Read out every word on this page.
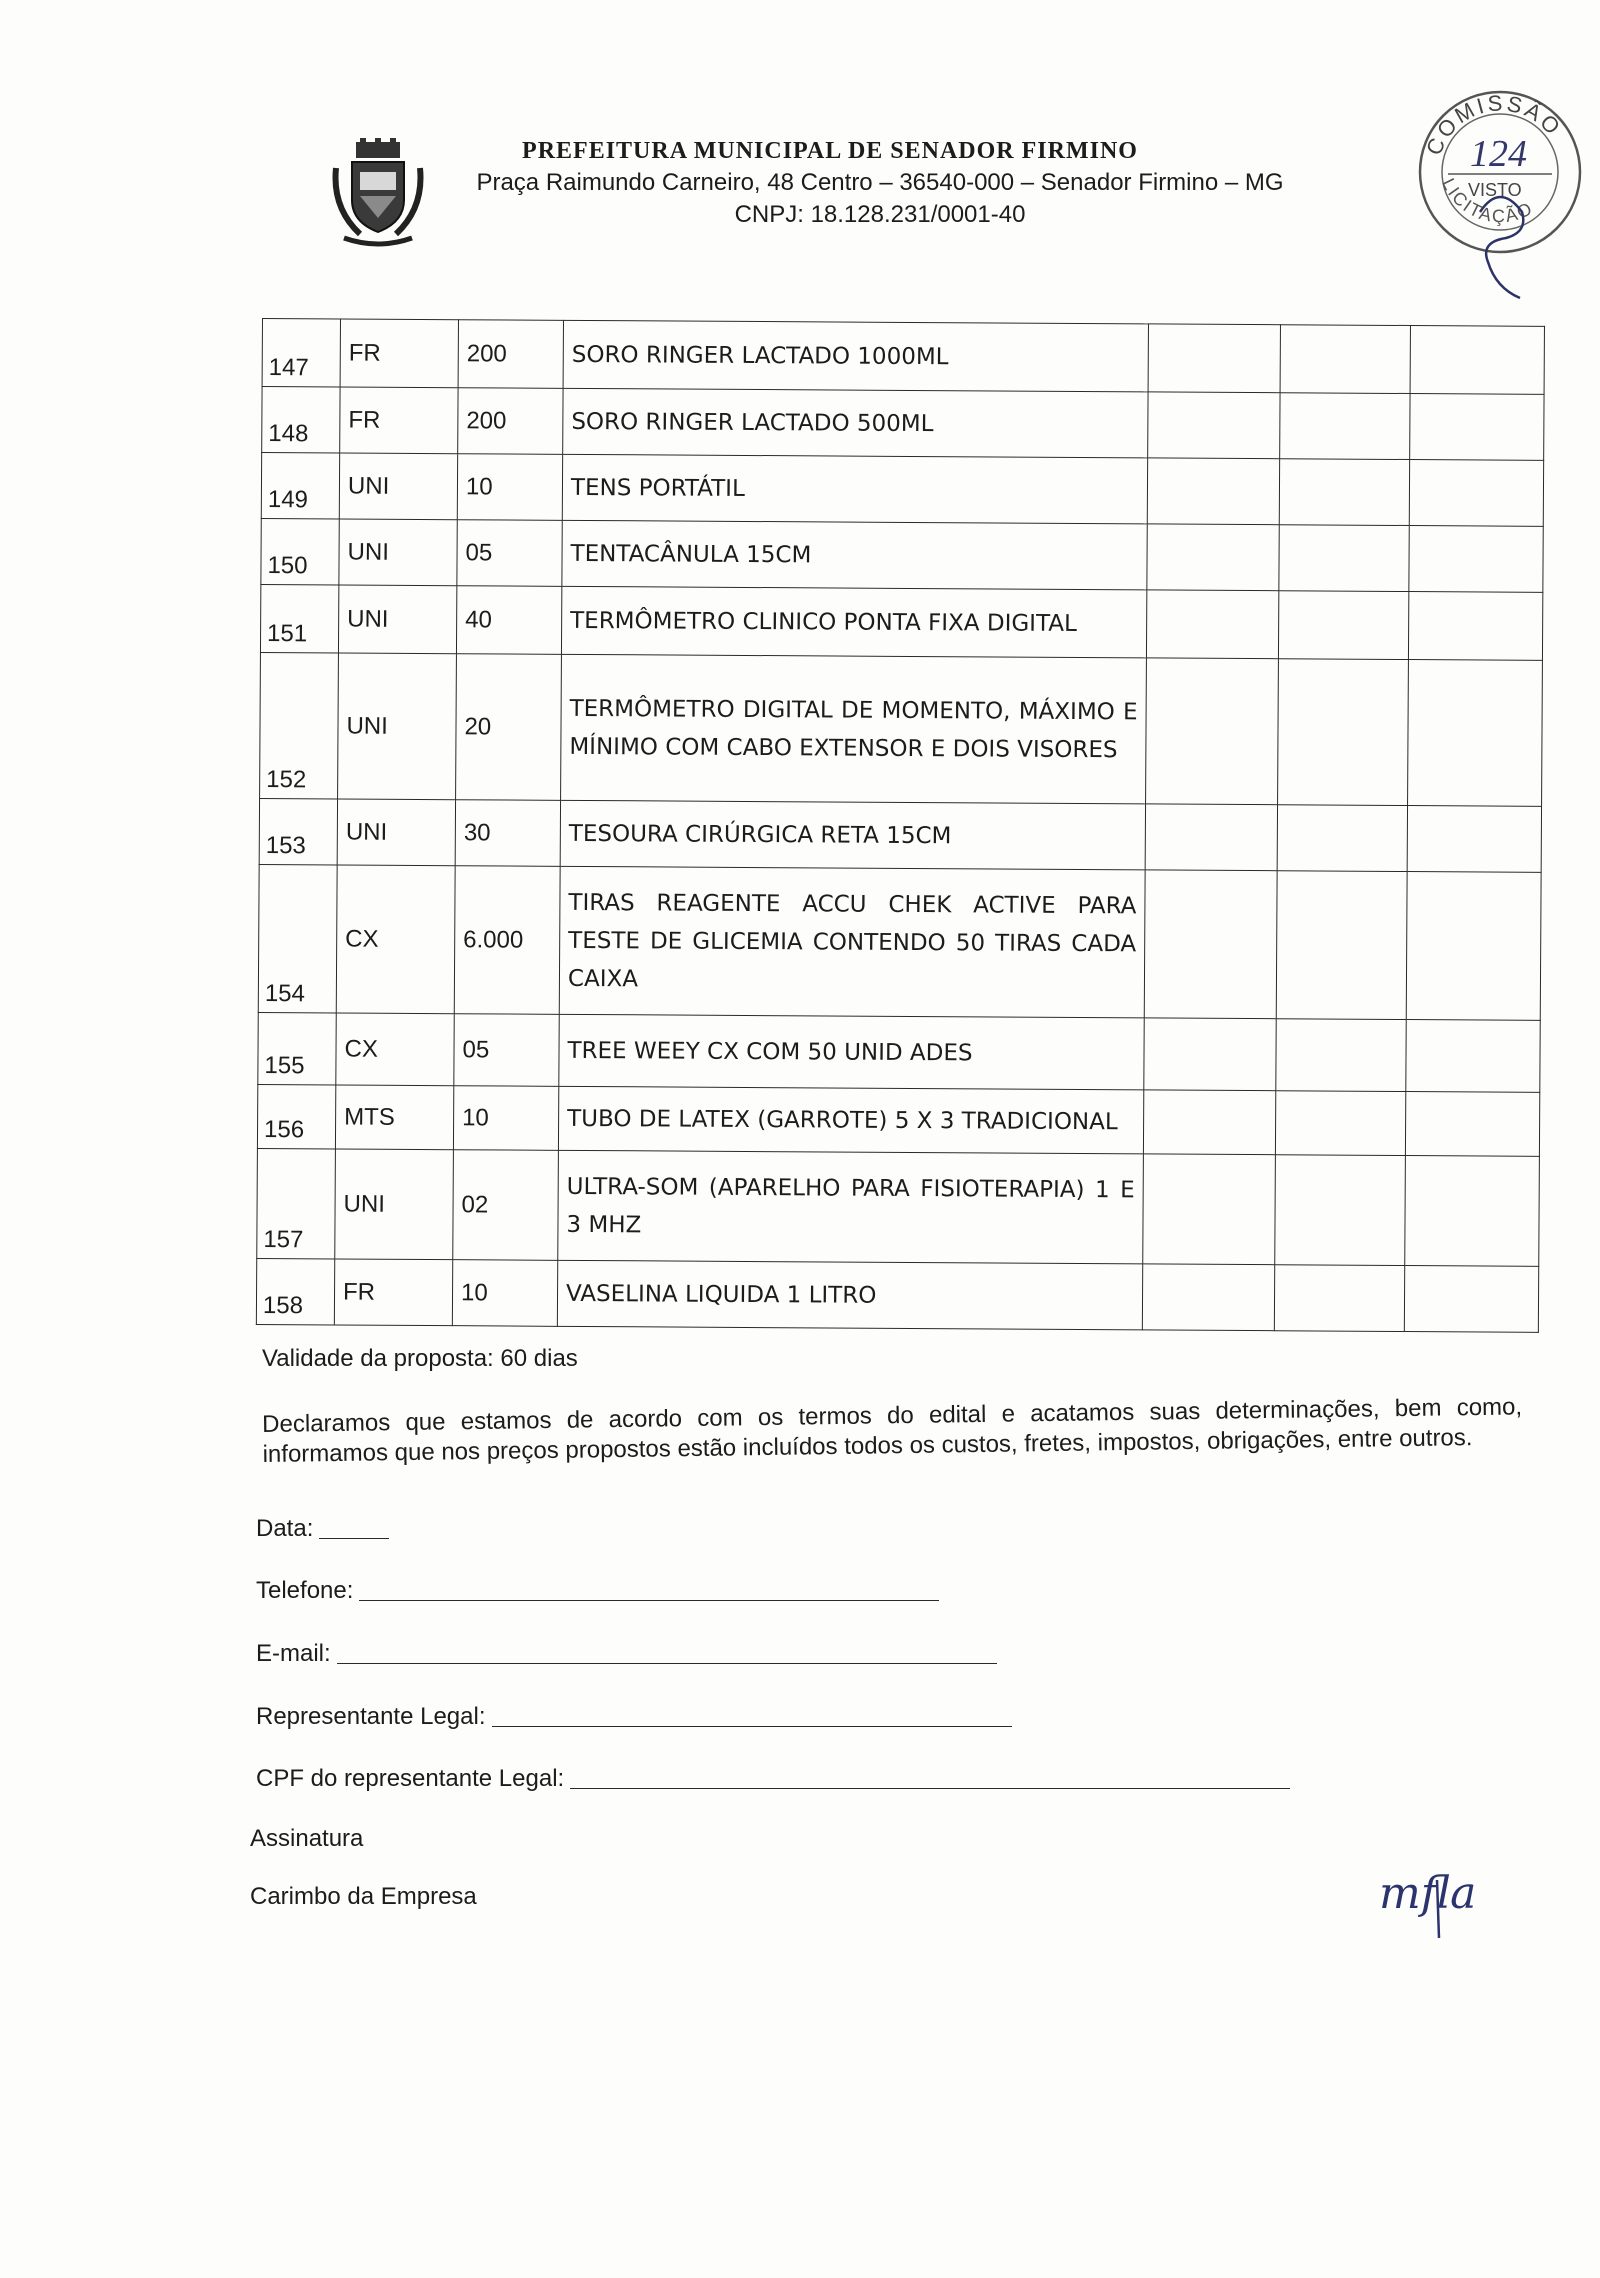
PREFEITURA MUNICIPAL DE SENADOR FIRMINO
Praça Raimundo Carneiro, 48 Centro – 36540-000 – Senador Firmino – MG
CNPJ: 18.128.231/0001-40
COMISSÃO
LICITAÇÃO
124
VISTO
147	FR	200	SORO RINGER LACTADO 1000ML			
148	FR	200	SORO RINGER LACTADO 500ML			
149	UNI	10	TENS PORTÁTIL			
150	UNI	05	TENTACÂNULA 15CM			
151	UNI	40	TERMÔMETRO CLINICO PONTA FIXA DIGITAL			
152	UNI	20	TERMÔMETRO DIGITAL DE MOMENTO, MÁXIMO E MÍNIMO COM CABO EXTENSOR E DOIS VISORES			
153	UNI	30	TESOURA CIRÚRGICA RETA 15CM			
154	CX	6.000	TIRAS REAGENTE ACCU CHEK ACTIVE PARA TESTE DE GLICEMIA CONTENDO 50 TIRAS CADA CAIXA			
155	CX	05	TREE WEEY CX COM 50 UNID ADES			
156	MTS	10	TUBO DE LATEX (GARROTE) 5 X 3 TRADICIONAL			
157	UNI	02	ULTRA-SOM (APARELHO PARA FISIOTERAPIA) 1 E 3 MHZ			
158	FR	10	VASELINA LIQUIDA 1 LITRO			
Validade da proposta: 60 dias
Declaramos que estamos de acordo com os termos do edital e acatamos suas determinações, bem como, informamos que nos preços propostos estão incluídos todos os custos, fretes, impostos, obrigações, entre outros.
Data:
Telefone:
E-mail:
Representante Legal:
CPF do representante Legal:
Assinatura
Carimbo da Empresa	mfla
